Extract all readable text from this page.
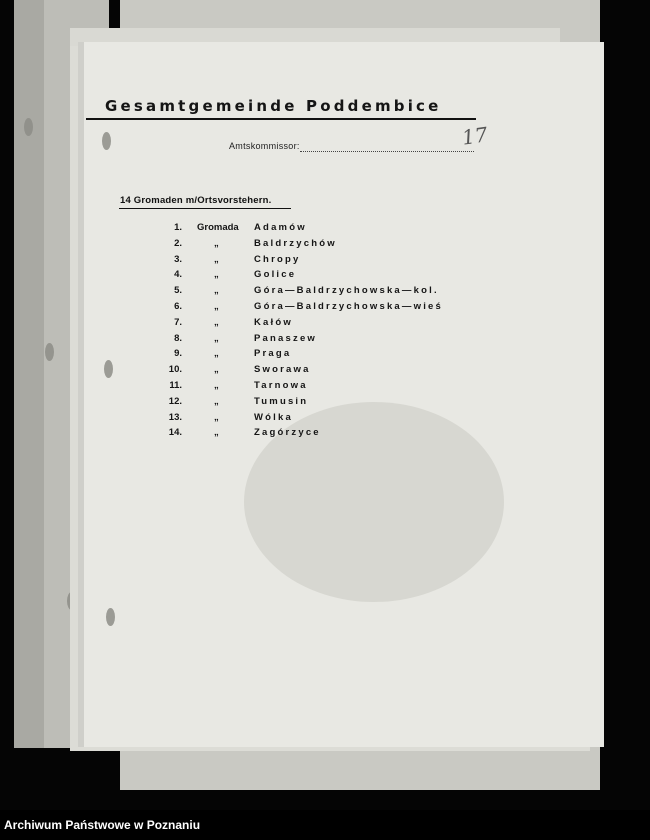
Gesamtgemeinde Poddembice
Amtskommissor:	17
14 Gromaden m/Ortsvorstehern.
1. Gromada Adamów
2.	„	Baldrzychów
3.	„	Chropy
4.	„	Golice
5.	„	Góra—Baldrzychowska—kol.
6.	„	Góra—Baldrzychowska—wieś
7.	„	Kałów
8.	„	Panaszew
9.	„	Praga
10.	„	Sworawa
11.	„	Tarnowa
12.	„	Tumusin
13.	„	Wólka
14.	„	Zagórzyce
Archiwum Państwowe w Poznaniu
